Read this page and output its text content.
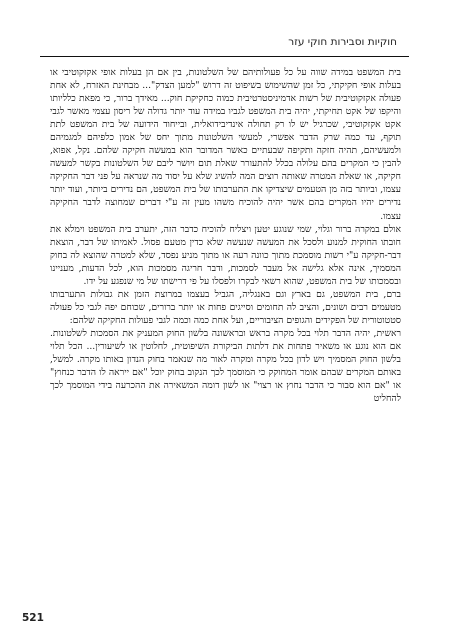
חוקיות וסבירות חוקי עזר

בית המשפט במידה שווה על כל פעולותיהם של השלטונות, בין אם הן בעלות אופי אקזקוטיבי או בעלות אופי חקיקתי, כל זמן שהשימוש בשיפוט זה דרוש "למען הצדק"... מבחינת האזרח, לא אחת פעולה אקזקוטיבית של רשות אדמיניסטרטיבית כמוה כחקיקת חוק... מאידך ברור, כי מפאת כלליותו והיקפו של אקט תחיקתי, יהיה בית המשפט לגביו במידה עוד יותר גדולה של ריסון עצמי מאשר לגבי אקט אקזקוטיבי, שכרגיל יש לו רק תחולה אינדיבידואלית, ובייחוד הידועה של בית המשפט לתת תוקף, עד כמה שרק הדבר אפשרי, למעשי השלטונות מתוך יחס של אמון כלפיהם למגמיהם ולמעשיהם, תהיה חזקה ותקיפה שבעתיים כאשר המדובר הוא במעשה חקיקה שלהם. נקל, אפוא, להבין כי המקרים בהם עלולה בכלל להתעורר שאלת תום ויושר ליבם של השלטונות בקשר למעשה חקיקה, או שאלת המטרה שאותה רוצים המה להשיג שלא על יסוד מה שנראה על פני דבר החקיקה עצמו, וביותר בזה מן הטעמים שיצדיקו את התערבותו של בית המשפט, הם נדירים ביותר, ועוד יותר נדירים יהיו המקרים בהם אשר יהיה להוכיח משהו מעין זה ע"י דברים שמחוצה לדבר החקיקה עצמו.

אולם במקרה ברור וגלוי, שמי שנוגע יטען ויצליח להוכיח כדבר הזה, יתערב בית המשפט וימלא את חובתו החוקית למנוע ולסכל את המעשה שנעשה שלא כדין מטעם פסול. לאמיתו של דבר, הוצאת דבר-חקיקה ע"י רשות מוסמכת מתוך כוונה רעה או מתוך מניע נפסד, שלא למטרה שהוצא לה בחוק המסמיך, אינה אלא גלישה אל מעבר לסמכות, ודבר חריגה מסמכות הוא, לכל הדעות, מעניינו ובסמכותו של בית המשפט, שהוא רשאי לבקרו ולפסלו על פי דרישתו של מי שנפגע על ידו.

ברם, בית המשפט, גם בארץ וגם באנגליה, הגביל בעצמו במרוצת הזמן את גבולות התערבותו מטעמים רבים ושונים, והציב לה תחומים וסייגים פחות או יותר ברורים, שכוחם יפה לגבי כל פעולה סטטוטורית של הפקידים והגופים הציבוריים, ועל אחת כמה וכמה לגבי פעולות החקיקה שלהם:

ראשית, יהיה הדבר תלוי בכל מקרה בראש ובראשונה בלשון החוק המעניק את הסמכות לשלטונות. אם הוא נוגע או משאיר פתחות את דלתות הביקורת השיפוטית, לחלוטין או לשיעורין... הכל תלוי בלשון החוק המסמיך ויש לדון בכל מקרה ומקרה לאור מה שנאמר בחוק הנדון באותו מקרה. למשל, באותם המקרים שבהם אומר המחוקק כי המוסמך לכך הנקוב בחוק יוכל "אם ייראה לו הדבר כנחוץ" או "אם הוא סבור כי הדבר נחוץ או רצוי" או לשון דומה המשאירה את ההכרעה בידי המוסמך לכך להחליט

521
